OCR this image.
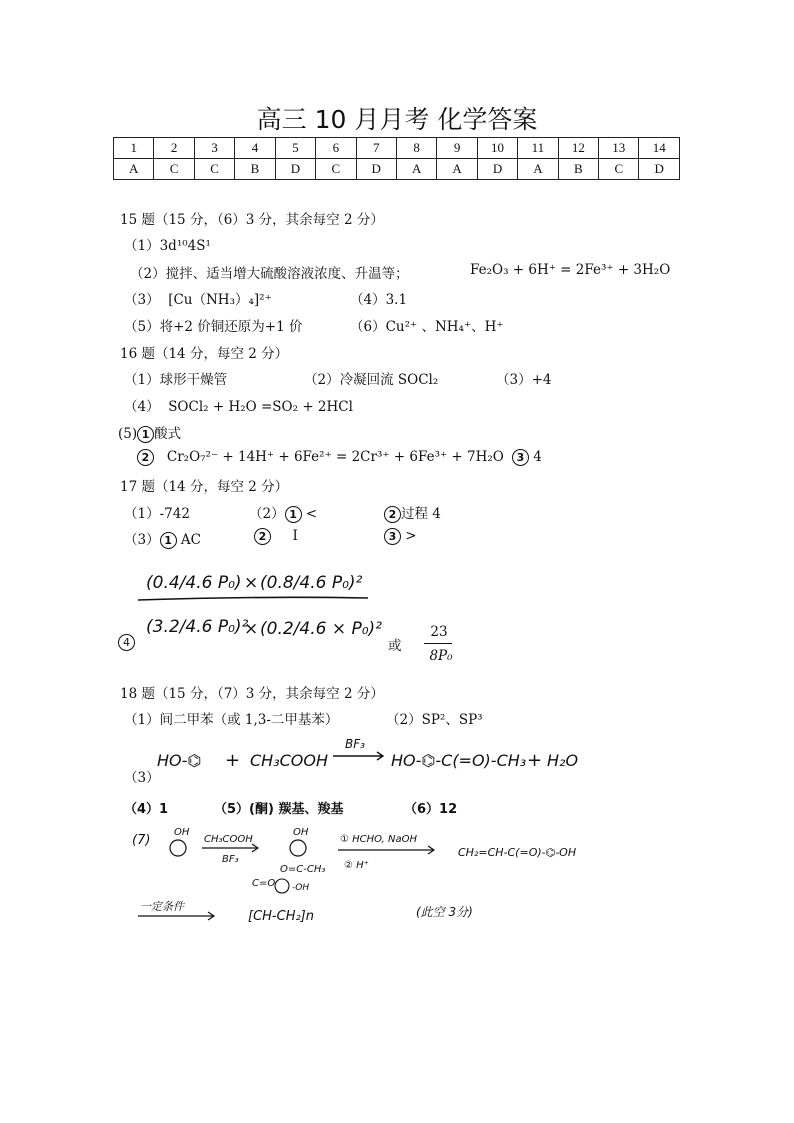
高三 10 月月考 化学答案
1	2	3	4	5	6	7	8	9	10	11	12	13	14
A	C	C	B	D	C	D	A	A	D	A	B	C	D
15 题（15 分，（6）3 分，其余每空 2 分）
（1）3d¹⁰4S¹
（2）搅拌、适当增大硫酸溶液浓度、升温等；	Fe₂O₃ + 6H⁺ = 2Fe³⁺ + 3H₂O
（3） [Cu（NH₃）₄]²⁺	（4）3.1
（5）将+2 价铜还原为+1 价	（6）Cu²⁺ 、NH₄⁺、H⁺
16 题（14 分，每空 2 分）
（1）球形干燥管	（2）冷凝回流 SOCl₂	（3）+4
（4） SOCl₂ + H₂O =SO₂ + 2HCl
(5) 1 酸式
2 Cr₂O₇²⁻ + 14H⁺ + 6Fe²⁺ = 2Cr³⁺ + 6Fe³⁺ + 7H₂O	3 4
17 题（14 分，每空 2 分）
（1）-742	（2） 1 <	2 过程 4
（3） 1 AC	2 I	3 >
(0.4/4.6 P₀) × (0.8/4.6 P₀)²
(3.2/4.6 P₀)²
× (0.2/4.6 × P₀)²
4	或
23
8P₀
18 题（15 分，（7）3 分，其余每空 2 分）
（1）间二甲苯（或 1,3-二甲基苯）	（2）SP²、SP³
（3）
HO-⌬ + CH₃COOH
BF₃
HO-⌬-C(=O)-CH₃ + H₂O
（4）1	（5）(酮) 羰基、羧基	（6）12
(7)
OH
CH₃COOH
BF₃
OH
O=C-CH₃
① HCHO, NaOH
② H⁺
CH₂=CH-C(=O)-⌬-OH
一定条件
-OH
C=O
[CH-CH₂]n	(此空 3分)
